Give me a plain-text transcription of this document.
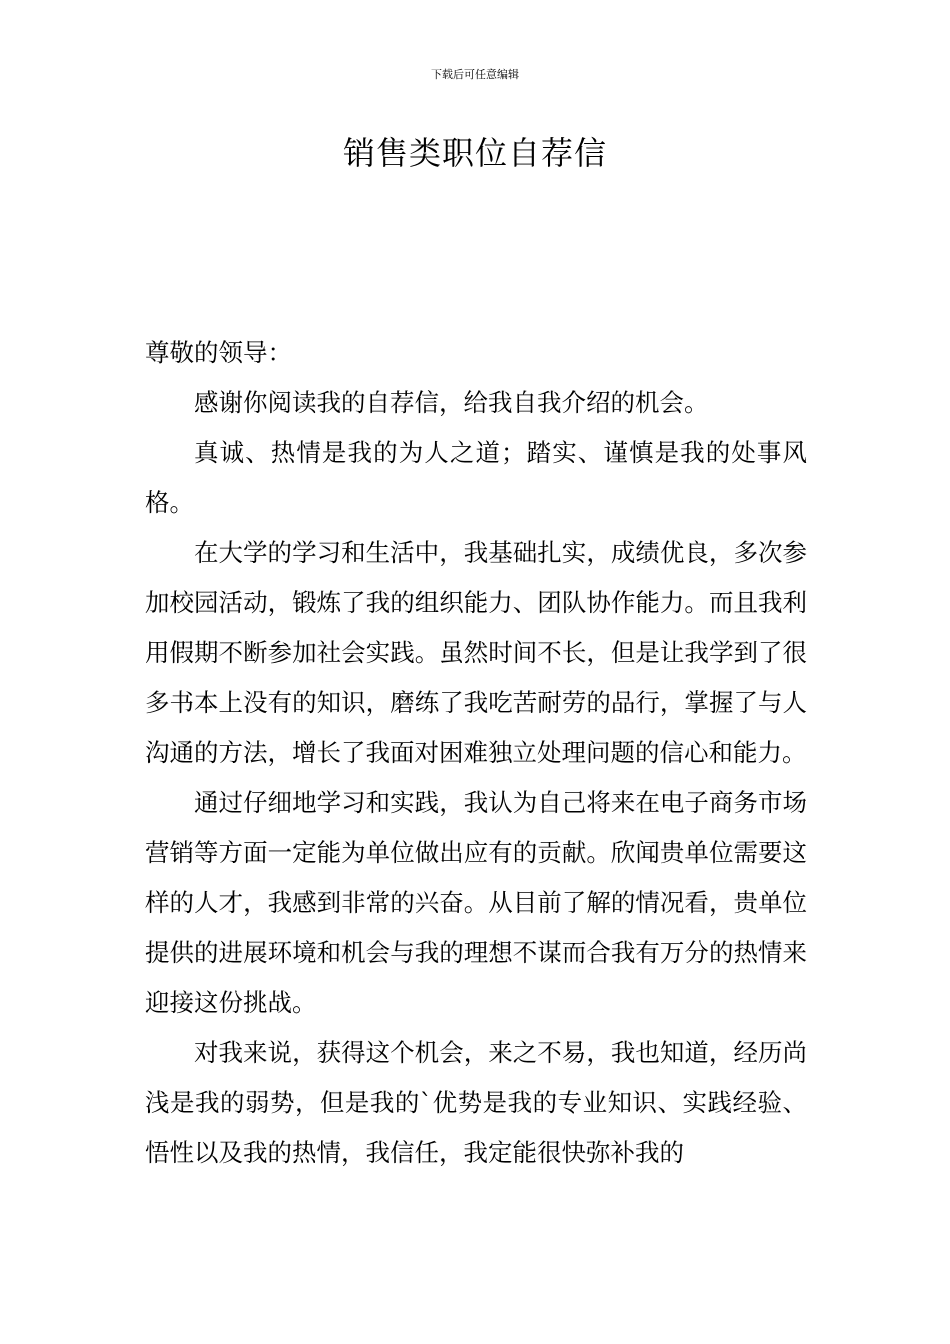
下载后可任意编辑
销售类职位自荐信

尊敬的领导：

感谢你阅读我的自荐信，给我自我介绍的机会。

真诚、热情是我的为人之道；踏实、谨慎是我的处事风格。

在大学的学习和生活中，我基础扎实，成绩优良，多次参加校园活动，锻炼了我的组织能力、团队协作能力。而且我利用假期不断参加社会实践。虽然时间不长，但是让我学到了很多书本上没有的知识，磨练了我吃苦耐劳的品行，掌握了与人沟通的方法，增长了我面对困难独立处理问题的信心和能力。

通过仔细地学习和实践，我认为自己将来在电子商务市场营销等方面一定能为单位做出应有的贡献。欣闻贵单位需要这样的人才，我感到非常的兴奋。从目前了解的情况看，贵单位提供的进展环境和机会与我的理想不谋而合我有万分的热情来迎接这份挑战。

对我来说，获得这个机会，来之不易，我也知道，经历尚浅是我的弱势，但是我的`优势是我的专业知识、实践经验、悟性以及我的热情，我信任，我定能很快弥补我的
